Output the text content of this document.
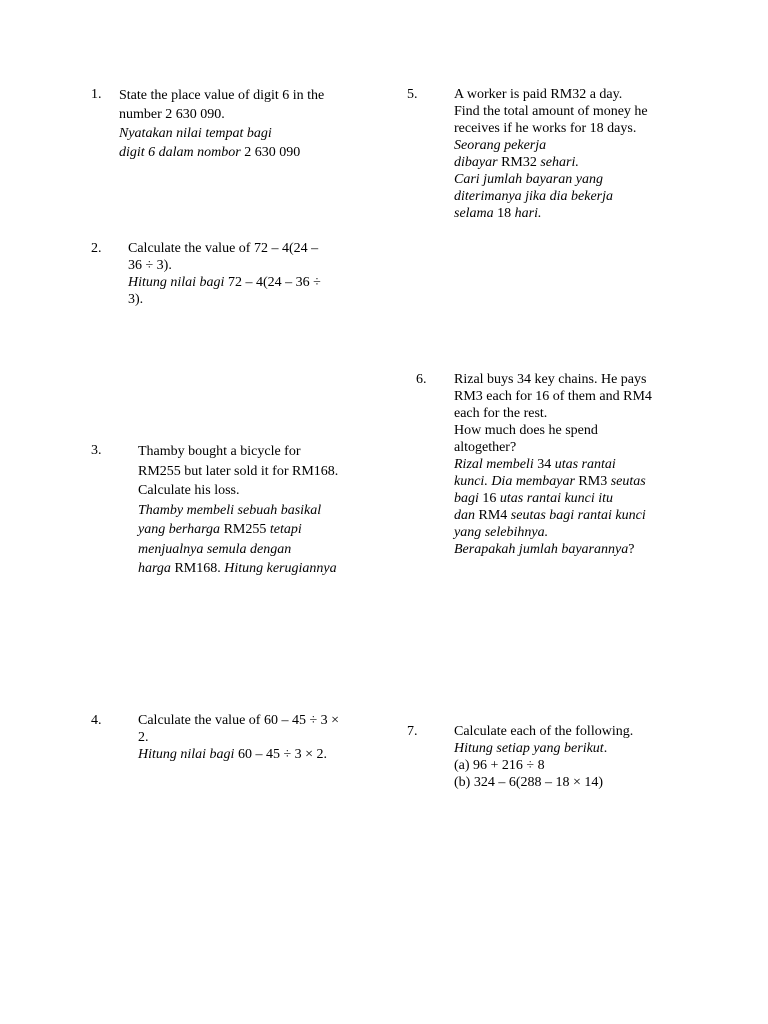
1. State the place value of digit 6 in the
number 2 630 090.
Nyatakan nilai tempat bagi
digit 6 dalam nombor 2 630 090
2. Calculate the value of 72 – 4(24 –
36 ÷ 3).
Hitung nilai bagi 72 – 4(24 – 36 ÷
3).
3.	Thamby bought a bicycle for
RM255 but later sold it for RM168.
Calculate his loss.
Thamby membeli sebuah basikal
yang berharga RM255 tetapi
menjualnya semula dengan
harga RM168. Hitung kerugiannya
4.	Calculate the value of 60 – 45 ÷ 3 ×
2.
Hitung nilai bagi 60 – 45 ÷ 3 × 2.
5.	A worker is paid RM32 a day.
Find the total amount of money he
receives if he works for 18 days.
Seorang pekerja
dibayar RM32 sehari.
Cari jumlah bayaran yang
diterimanya jika dia bekerja
selama 18 hari.
6. Rizal buys 34 key chains. He pays
RM3 each for 16 of them and RM4
each for the rest.
How much does he spend
altogether?
Rizal membeli 34 utas rantai
kunci. Dia membayar RM3 seutas
bagi 16 utas rantai kunci itu
dan RM4 seutas bagi rantai kunci
yang selebihnya.
Berapakah jumlah bayarannya?
7.	Calculate each of the following.
Hitung setiap yang berikut.
(a) 96 + 216 ÷ 8
(b) 324 – 6(288 – 18 × 14)
